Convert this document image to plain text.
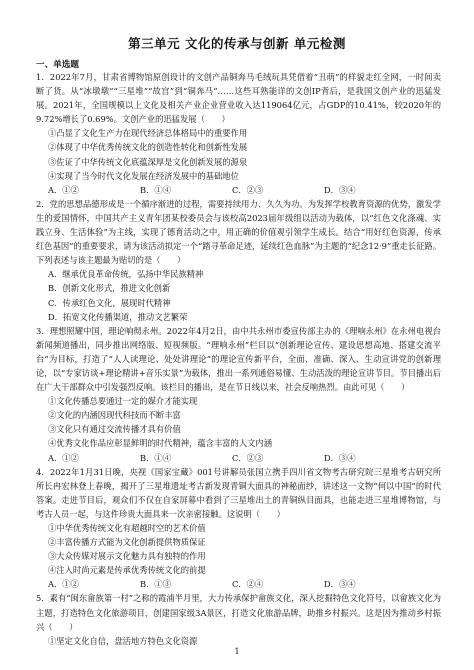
第三单元 文化的传承与创新 单元检测
一、单选题

1．2022年7月，甘肃省博物馆原创设计的文创产品铜奔马毛绒玩具凭借着“丑萌”的样貌走红全网，一时间卖断了货。从“冰墩墩”“三星堆”“故宫”到“铜奔马”……这些耳熟能详的文创IP背后，是我国文创产业的迅猛发展。2021年，全国规模以上文化及相关产业企业营业收入达119064亿元，占GDP的10.41%，较2020年的9.72%增长了0.69%。文创产业的迅猛发展（　　）

①凸显了文化生产力在现代经济总体格局中的重要作用

②体现了中华优秀传统文化的创造性转化和创新性发展

③佐证了中华传统文化底蕴深厚是文化创新发展的源泉

④实现了当今时代文化发展在经济发展中的基础地位

A．①②	B．①④	C．②③	D．③④

2．党的思想品德形成是一个循序渐进的过程，需要持续用力、久久为功。为发挥学校教育资源的优势，激发学生的爱国情怀，中国共产主义青年团某校委员会与该校高2023届年级组以活动为载体，以“红色文化涤魂、实践立身、生活体验”为主线，实现了德育活动之中，用正确的价值观引领学生成长。结合“用好红色资源，传承红色基因”的重要要求，请为该活动拟定一个“踏寻革命足迹，延续红色血脉”为主题的“纪念12·9”重走长征路。下列表述与该主题最为贴切的是（　　）

A．继承优良革命传统，弘扬中华民族精神

B．创新文化形式，推进文化创新

C．传承红色文化，展现时代精神

D．拓宽文化传播渠道，推动文艺繁荣

3．理想照耀中国，理论响彻永州。2022年4月2日，由中共永州市委宣传部主办的《理响永州》在永州电视台新闻频道播出，同步推出网络版、短视频版。“理响永州”栏目以“创新理论宣传、建设思想高地、搭建交流平台”为目标，打造了“人人读理论、处处讲理论”的理论宣传新平台，全面、准确、深入、生动宣讲党的创新理论，以“专家访谈+理论精讲+音乐实景”为载体，推出一系列通俗易懂、生动活泼的理论宣讲节目。节目播出后在广大干部群众中引发强烈反响。该栏目的播出，是在节日线以来，社会反响热烈。由此可见（　　）

①文化传播总要通过一定的媒介才能实现

②文化的内涵因现代科技而不断丰富

③文化只有通过交流传播才具有价值

④优秀文化作品应彰显鲜明的时代精神，蕴含丰富的人文内涵

A．①②	B．①④	C．②③	D．③④

4．2022年1月31日晚，央视《国家宝藏》001号讲解员张国立携手四川省文物考古研究院三星堆考古研究所所长冉宏林登上春晚，揭开了三星堆遗址考古新发现青铜大面具的神秘面纱，讲述这一文物“何以中国”的时代答案。走进节目后，观众们不仅在自家屏幕中看到了三星堆出土的青铜纵目面具，也能走进三星堆博物馆，与考古人员一起，与这件珍贵大面具来一次亲密接触。这说明（　　）

①中华优秀传统文化有超越时空的艺术价值

②丰富传播方式能为文化创新提供物质保证

③大众传媒对展示文化魅力具有独特的作用

④注入时尚元素是传承优秀传统文化的前提

A．①②	B．①③	C．②④	D．③④

5．素有“闽东畲族第一村”之称的霞浦半月里，大力传承保护畲族文化，深入挖掘特色文化符号，以畲族文化为主题，打造特色文化旅游项目，创建国家级3A景区，打造文化旅游品牌，助推乡村振兴。这是因为推动乡村振兴（　　）

①坚定文化自信，盘活地方特色文化资源

1
